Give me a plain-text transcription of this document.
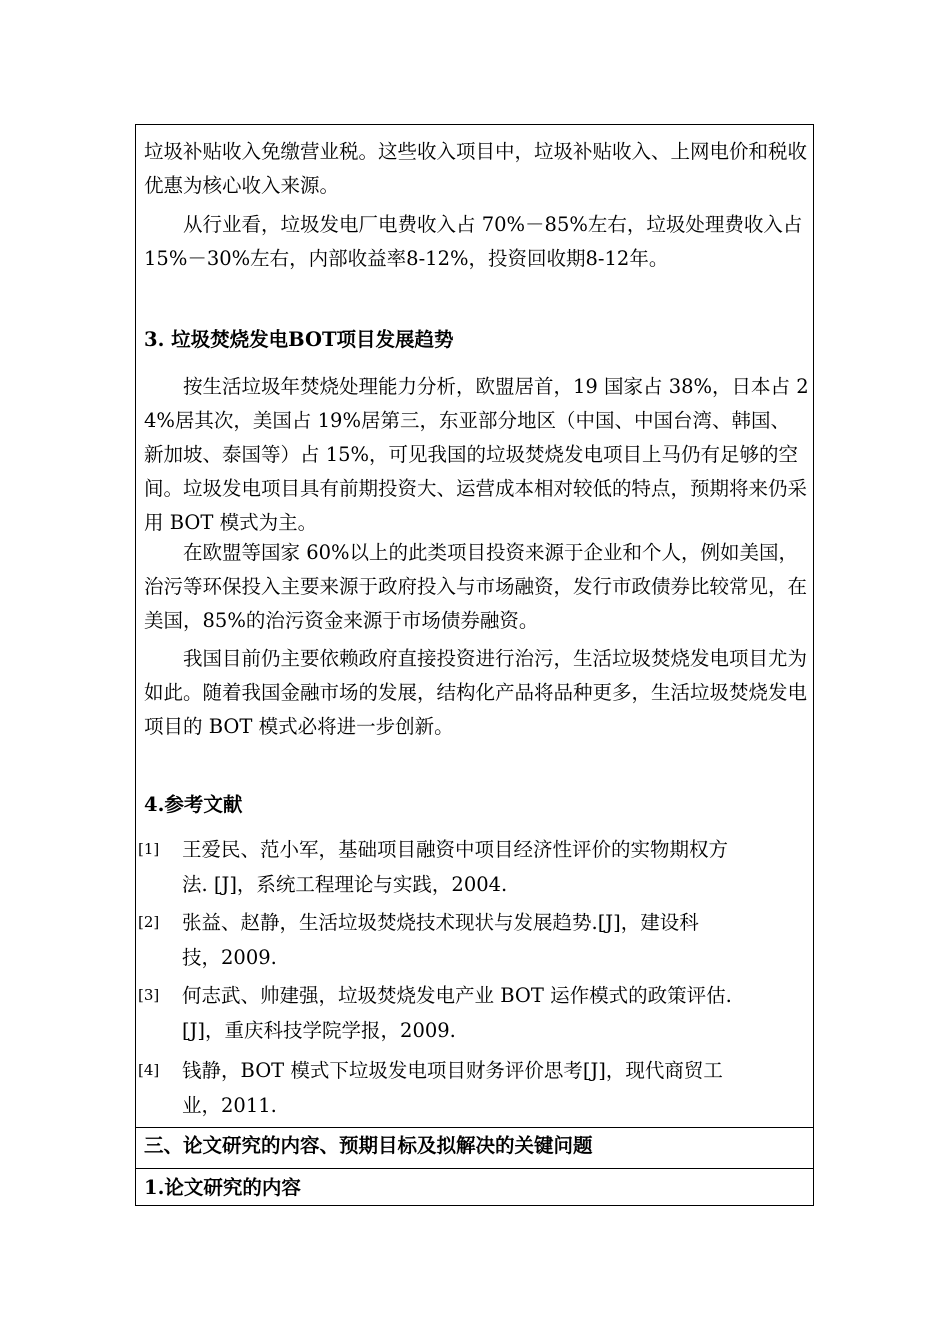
垃圾补贴收入免缴营业税。这些收入项目中，垃圾补贴收入、上网电价和税收优惠为核心收入来源。

从行业看，垃圾发电厂电费收入占 70%－85%左右，垃圾处理费收入占15%－30%左右，内部收益率8-12%，投资回收期8-12年。

3. 垃圾焚烧发电BOT项目发展趋势

按生活垃圾年焚烧处理能力分析，欧盟居首，19 国家占 38%，日本占 24%居其次，美国占 19%居第三，东亚部分地区（中国、中国台湾、韩国、新加坡、泰国等）占 15%，可见我国的垃圾焚烧发电项目上马仍有足够的空间。垃圾发电项目具有前期投资大、运营成本相对较低的特点，预期将来仍采用 BOT 模式为主。

在欧盟等国家 60%以上的此类项目投资来源于企业和个人，例如美国，治污等环保投入主要来源于政府投入与市场融资，发行市政债券比较常见，在美国，85%的治污资金来源于市场债券融资。

我国目前仍主要依赖政府直接投资进行治污，生活垃圾焚烧发电项目尤为如此。随着我国金融市场的发展，结构化产品将品种更多，生活垃圾焚烧发电项目的 BOT 模式必将进一步创新。

4.参考文献
[1] 王爱民、范小军，基础项目融资中项目经济性评价的实物期权方
法. [J]，系统工程理论与实践，2004.
[2] 张益、赵静，生活垃圾焚烧技术现状与发展趋势.[J]，建设科
技，2009.
[3] 何志武、帅建强，垃圾焚烧发电产业 BOT 运作模式的政策评估.
[J]，重庆科技学院学报，2009.
[4] 钱静，BOT 模式下垃圾发电项目财务评价思考[J]，现代商贸工
业，2011.
三、论文研究的内容、预期目标及拟解决的关键问题
1.论文研究的内容
